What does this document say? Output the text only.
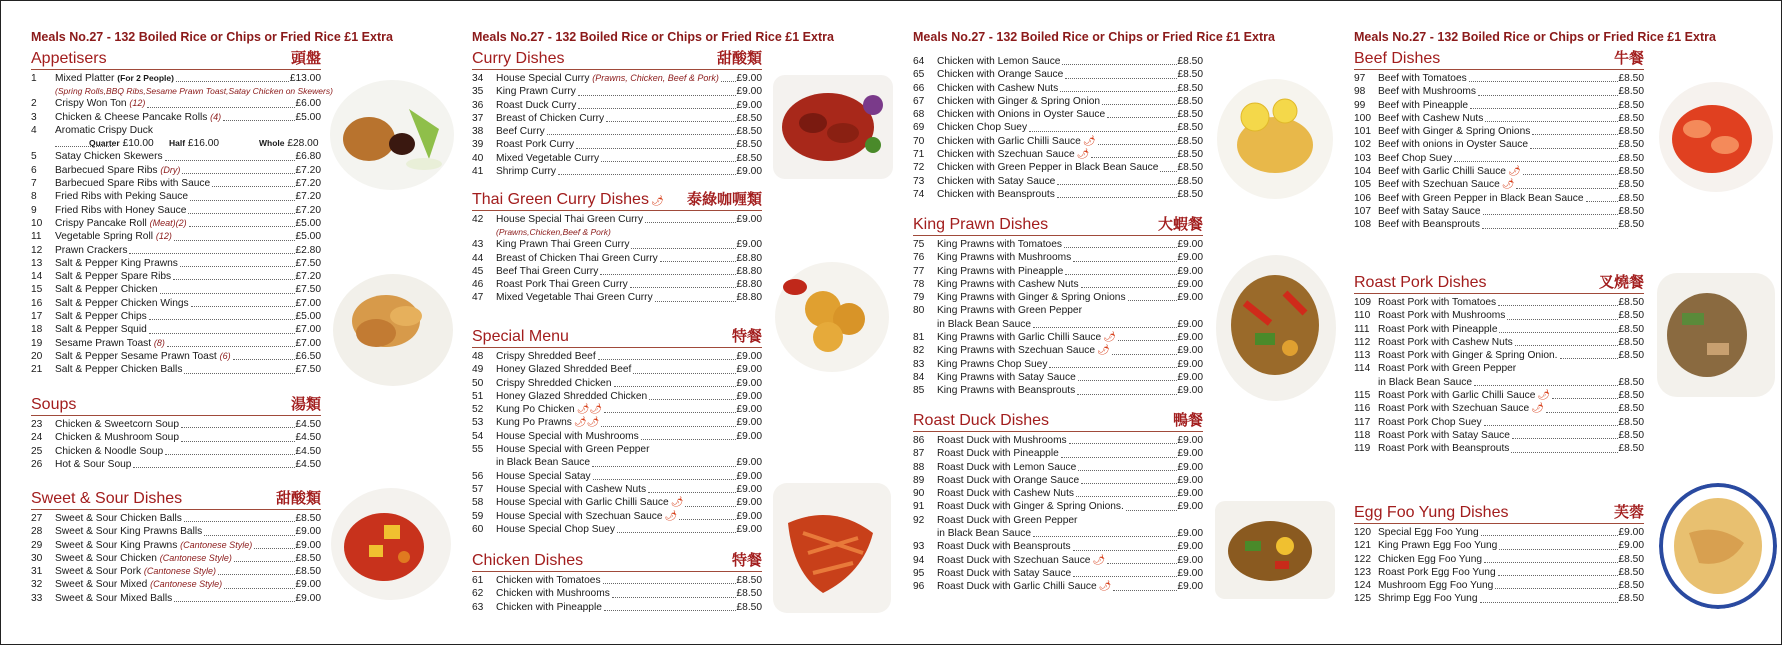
Meals No.27 - 132 Boiled Rice or Chips or Fried Rice £1 Extra
Appetisers	頭盤
1	Mixed Platter (For 2 People)	£13.00
(Spring Rolls,BBQ Ribs,Sesame Prawn Toast,Satay Chicken on Skewers)
2	Crispy Won Ton (12)	£6.00
3	Chicken & Cheese Pancake Rolls (4)	£5.00
4	Aromatic Crispy Duck
Quarter £10.00 Half £16.00	Whole £28.00
5	Satay Chicken Skewers	£6.80
6	Barbecued Spare Ribs (Dry)	£7.20
7	Barbecued Spare Ribs with Sauce	£7.20
8	Fried Ribs with Peking Sauce	£7.20
9	Fried Ribs with Honey Sauce	£7.20
10	Crispy Pancake Roll (Meat)(2)	£5.00
11	Vegetable Spring Roll (12)	£5.00
12	Prawn Crackers	£2.80
13	Salt & Pepper King Prawns	£7.50
14	Salt & Pepper Spare Ribs	£7.20
15	Salt & Pepper Chicken	£7.50
16	Salt & Pepper Chicken Wings	£7.00
17	Salt & Pepper Chips	£5.00
18	Salt & Pepper Squid	£7.00
19	Sesame Prawn Toast (8)	£7.00
20	Salt & Pepper Sesame Prawn Toast (6)	£6.50
21	Salt & Pepper Chicken Balls	£7.50
Soups	湯類
23	Chicken & Sweetcorn Soup	£4.50
24	Chicken & Mushroom Soup	£4.50
25	Chicken & Noodle Soup	£4.50
26	Hot & Sour Soup	£4.50
Sweet & Sour Dishes	甜酸類
27	Sweet & Sour Chicken Balls	£8.50
28	Sweet & Sour King Prawns Balls	£9.00
29	Sweet & Sour King Prawns (Cantonese Style)	£9.00
30	Sweet & Sour Chicken (Cantonese Style)	£8.50
31	Sweet & Sour Pork (Cantonese Style)	£8.50
32	Sweet & Sour Mixed (Cantonese Style)	£9.00
33	Sweet & Sour Mixed Balls	£9.00
Meals No.27 - 132 Boiled Rice or Chips or Fried Rice £1 Extra
Curry Dishes	甜酸類
34	House Special Curry (Prawns, Chicken, Beef & Pork) £9.00
35	King Prawn Curry	£9.00
36	Roast Duck Curry	£9.00
37	Breast of Chicken Curry	£8.50
38	Beef Curry	£8.50
39	Roast Pork Curry	£8.50
40	Mixed Vegetable Curry	£8.50
41	Shrimp Curry	£9.00
Thai Green Curry Dishes 🌶 泰綠咖喱類
42	House Special Thai Green Curry	£9.00
(Prawns,Chicken,Beef & Pork)
43	King Prawn Thai Green Curry	£9.00
44	Breast of Chicken Thai Green Curry	£8.80
45	Beef Thai Green Curry	£8.80
46	Roast Pork Thai Green Curry	£8.80
47	Mixed Vegetable Thai Green Curry	£8.80
Special Menu	特餐
48	Crispy Shredded Beef	£9.00
49	Honey Glazed Shredded Beef	£9.00
50	Crispy Shredded Chicken	£9.00
51	Honey Glazed Shredded Chicken	£9.00
52	Kung Po Chicken 🌶🌶	£9.00
53	Kung Po Prawns 🌶🌶	£9.00
54	House Special with Mushrooms	£9.00
55	House Special with Green Pepper
in Black Bean Sauce	£9.00
56	House Special Satay	£9.00
57	House Special with Cashew Nuts	£9.00
58	House Special with Garlic Chilli Sauce 🌶	£9.00
59	House Special with Szechuan Sauce 🌶	£9.00
60	House Special Chop Suey	£9.00
Chicken Dishes	特餐
61	Chicken with Tomatoes	£8.50
62	Chicken with Mushrooms	£8.50
63	Chicken with Pineapple	£8.50
Meals No.27 - 132 Boiled Rice or Chips or Fried Rice £1 Extra
64	Chicken with Lemon Sauce	£8.50
65	Chicken with Orange Sauce	£8.50
66	Chicken with Cashew Nuts	£8.50
67	Chicken with Ginger & Spring Onion	£8.50
68	Chicken with Onions in Oyster Sauce	£8.50
69	Chicken Chop Suey	£8.50
70	Chicken with Garlic Chilli Sauce 🌶	£8.50
71	Chicken with Szechuan Sauce 🌶	£8.50
72	Chicken with Green Pepper in Black Bean Sauce £8.50
73	Chicken with Satay Sauce	£8.50
74	Chicken with Beansprouts	£8.50
King Prawn Dishes	大蝦餐
75	King Prawns with Tomatoes	£9.00
76	King Prawns with Mushrooms	£9.00
77	King Prawns with Pineapple	£9.00
78	King Prawns with Cashew Nuts	£9.00
79	King Prawns with Ginger & Spring Onions	£9.00
80	King Prawns with Green Pepper
in Black Bean Sauce	£9.00
81	King Prawns with Garlic Chilli Sauce 🌶	£9.00
82	King Prawns with Szechuan Sauce 🌶	£9.00
83	King Prawns Chop Suey	£9.00
84	King Prawns with Satay Sauce	£9.00
85	King Prawns with Beansprouts	£9.00
Roast Duck Dishes	鴨餐
86	Roast Duck with Mushrooms	£9.00
87	Roast Duck with Pineapple	£9.00
88	Roast Duck with Lemon Sauce	£9.00
89	Roast Duck with Orange Sauce	£9.00
90	Roast Duck with Cashew Nuts	£9.00
91	Roast Duck with Ginger & Spring Onions.	£9.00
92	Roast Duck with Green Pepper
in Black Bean Sauce	£9.00
93	Roast Duck with Beansprouts	£9.00
94	Roast Duck with Szechuan Sauce 🌶	£9.00
95	Roast Duck with Satay Sauce	£9.00
96	Roast Duck with Garlic Chilli Sauce 🌶	£9.00
Meals No.27 - 132 Boiled Rice or Chips or Fried Rice £1 Extra
Beef Dishes	牛餐
97	Beef with Tomatoes	£8.50
98	Beef with Mushrooms	£8.50
99	Beef with Pineapple	£8.50
100 Beef with Cashew Nuts	£8.50
101 Beef with Ginger & Spring Onions	£8.50
102 Beef with onions in Oyster Sauce	£8.50
103 Beef Chop Suey	£8.50
104 Beef with Garlic Chilli Sauce 🌶	£8.50
105 Beef with Szechuan Sauce 🌶	£8.50
106 Beef with Green Pepper in Black Bean Sauce	£8.50
107 Beef with Satay Sauce	£8.50
108 Beef with Beansprouts	£8.50
Roast Pork Dishes	叉燒餐
109 Roast Pork with Tomatoes	£8.50
110 Roast Pork with Mushrooms	£8.50
111 Roast Pork with Pineapple	£8.50
112 Roast Pork with Cashew Nuts	£8.50
113 Roast Pork with Ginger & Spring Onion.	£8.50
114 Roast Pork with Green Pepper
in Black Bean Sauce	£8.50
115 Roast Pork with Garlic Chilli Sauce 🌶	£8.50
116 Roast Pork with Szechuan Sauce 🌶	£8.50
117 Roast Pork Chop Suey	£8.50
118 Roast Pork with Satay Sauce	£8.50
119 Roast Pork with Beansprouts	£8.50
Egg Foo Yung Dishes	芙蓉
120 Special Egg Foo Yung	£9.00
121 King Prawn Egg Foo Yung	£9.00
122 Chicken Egg Foo Yung	£8.50
123 Roast Pork Egg Foo Yung	£8.50
124 Mushroom Egg Foo Yung	£8.50
125 Shrimp Egg Foo Yung	£8.50
